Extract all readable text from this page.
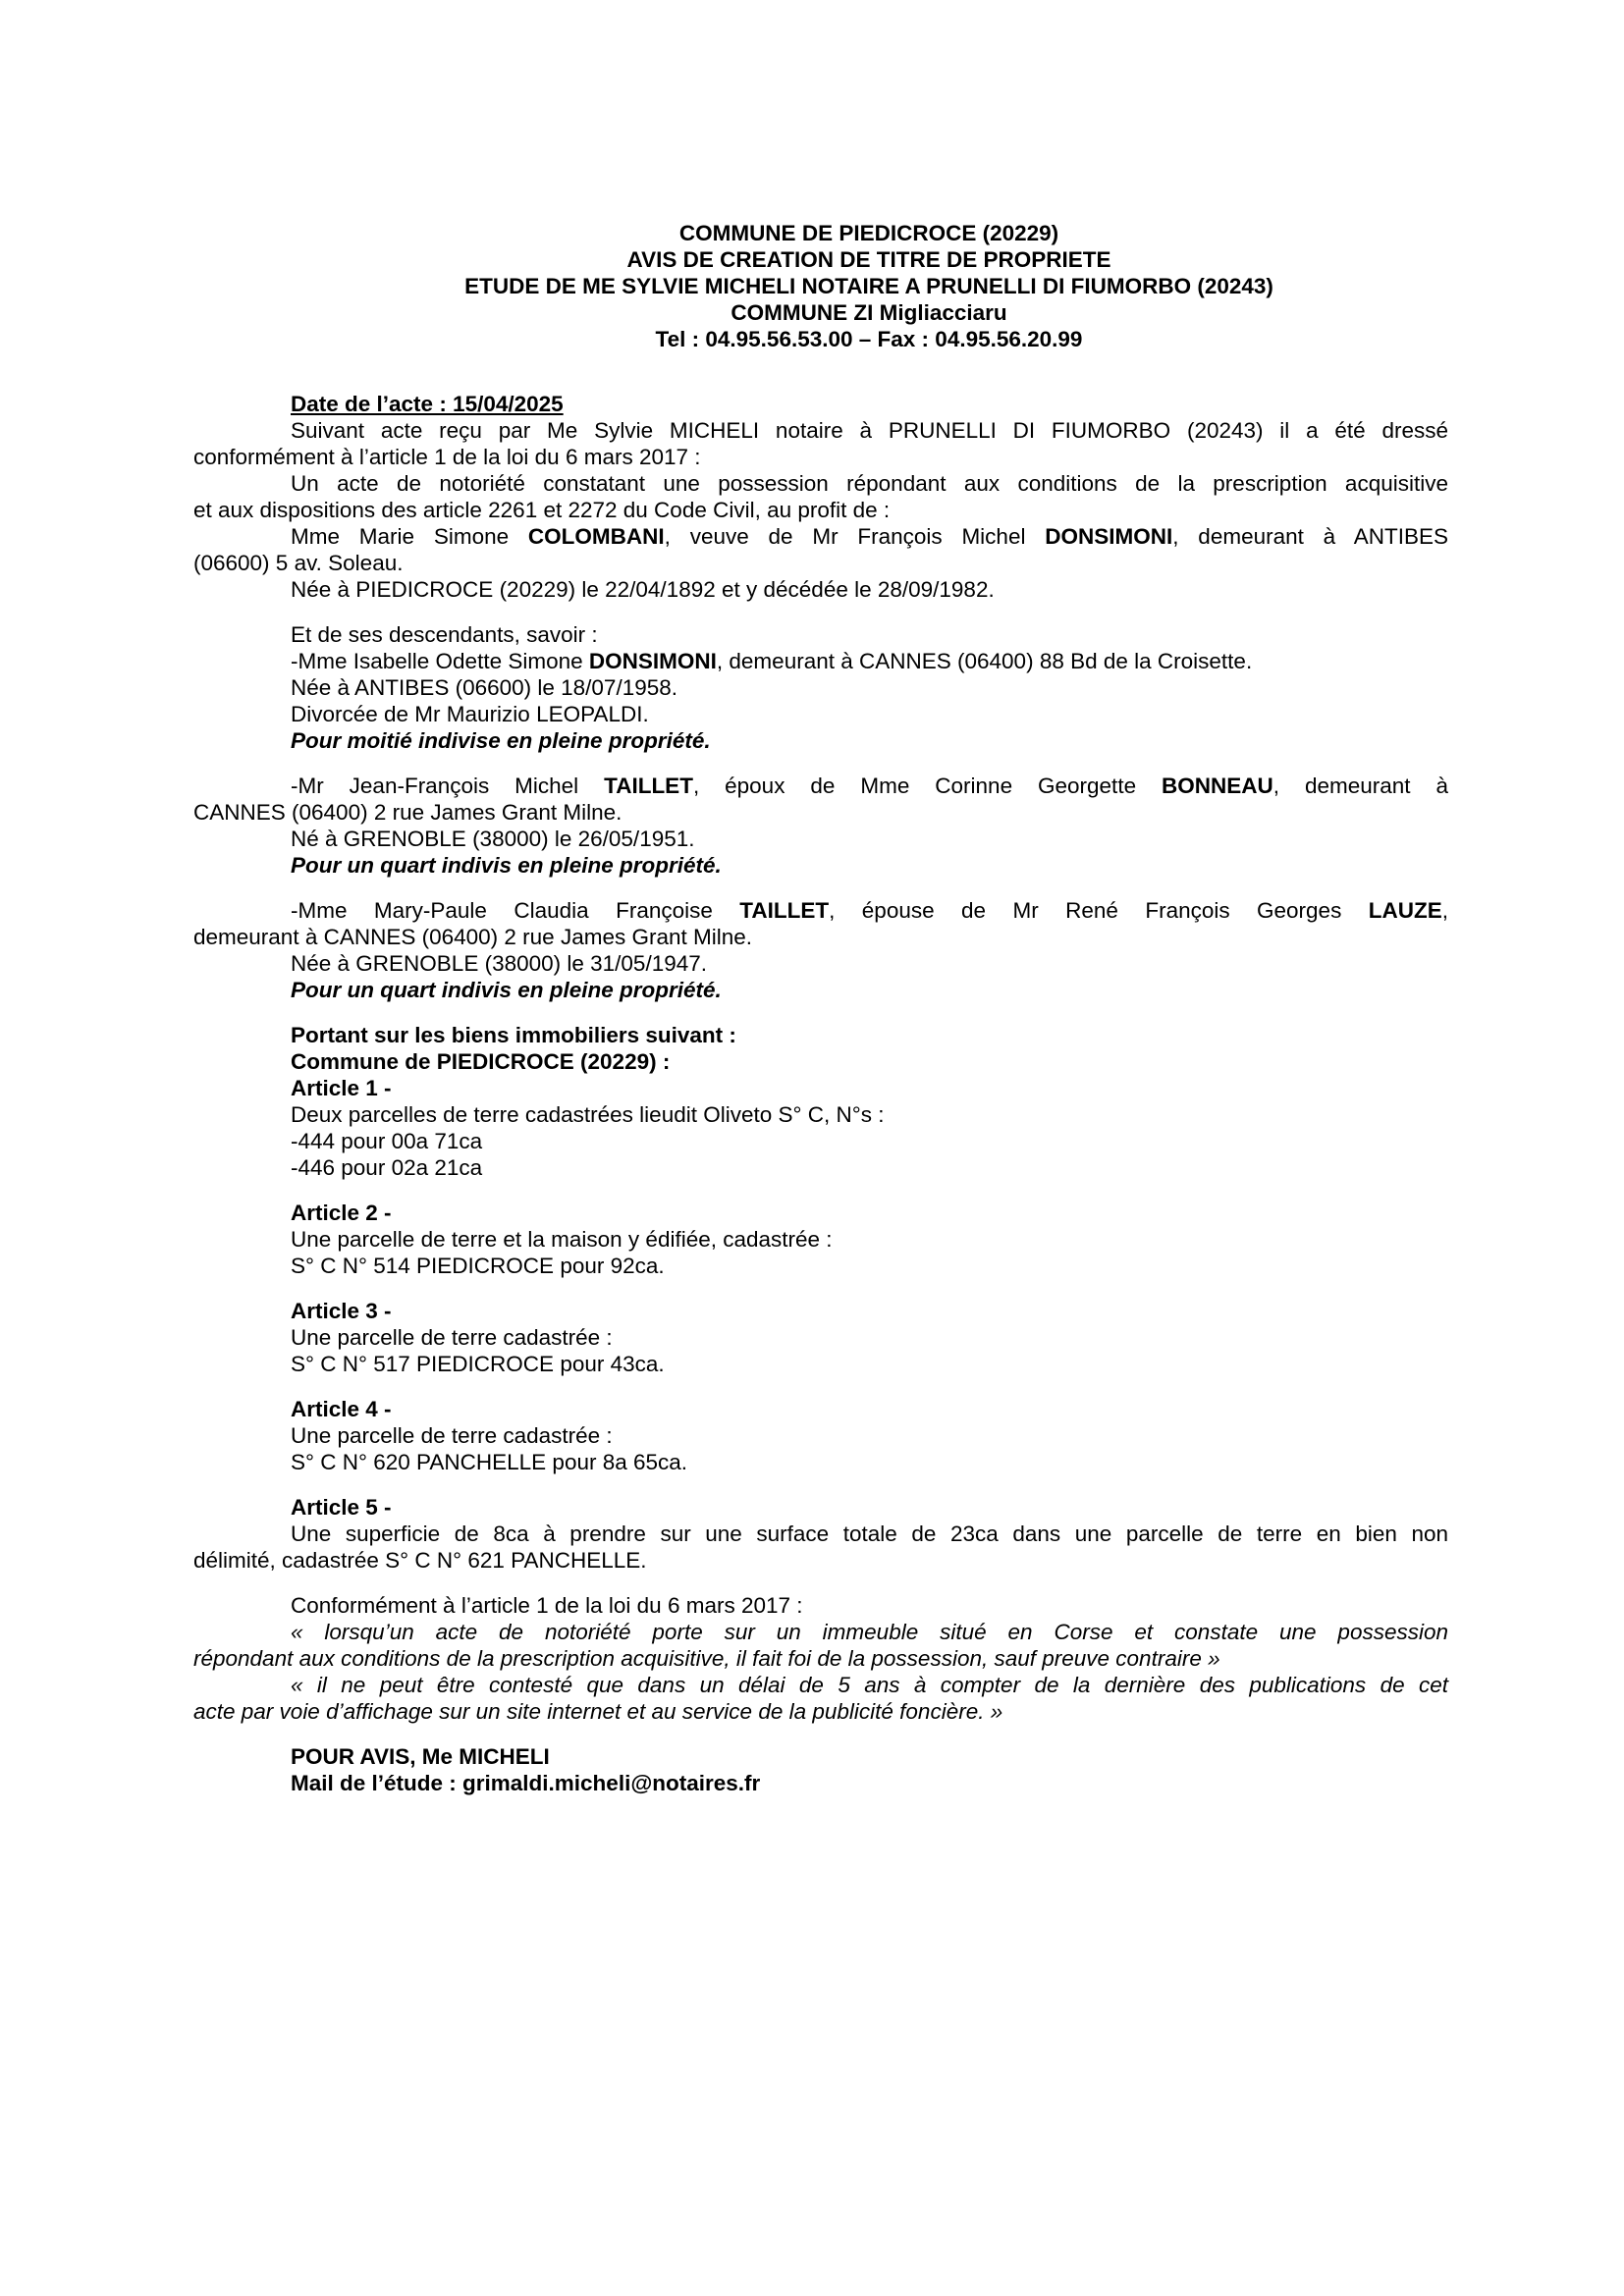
COMMUNE DE PIEDICROCE (20229)
AVIS DE CREATION DE TITRE DE PROPRIETE
ETUDE DE ME SYLVIE MICHELI NOTAIRE A PRUNELLI DI FIUMORBO (20243)
COMMUNE ZI Migliacciaru
Tel : 04.95.56.53.00 – Fax : 04.95.56.20.99
Date de l’acte : 15/04/2025
Suivant acte reçu par Me Sylvie MICHELI notaire à PRUNELLI DI FIUMORBO (20243) il a été dressé
conformément à l’article 1 de la loi du 6 mars 2017 :
Un acte de notoriété constatant une possession répondant aux conditions de la prescription acquisitive
et aux dispositions des article 2261 et 2272 du Code Civil, au profit de :
Mme Marie Simone COLOMBANI, veuve de Mr François Michel DONSIMONI, demeurant à ANTIBES
(06600) 5 av. Soleau.
Née à PIEDICROCE (20229) le 22/04/1892 et y décédée le 28/09/1982.
Et de ses descendants, savoir :
-Mme Isabelle Odette Simone DONSIMONI, demeurant à CANNES (06400) 88 Bd de la Croisette.
Née à ANTIBES (06600) le 18/07/1958.
Divorcée de Mr Maurizio LEOPALDI.
Pour moitié indivise en pleine propriété.
-Mr Jean-François Michel TAILLET, époux de Mme Corinne Georgette BONNEAU, demeurant à
CANNES (06400) 2 rue James Grant Milne.
Né à GRENOBLE (38000) le 26/05/1951.
Pour un quart indivis en pleine propriété.
-Mme Mary-Paule Claudia Françoise TAILLET, épouse de Mr René François Georges LAUZE,
demeurant à CANNES (06400) 2 rue James Grant Milne.
Née à GRENOBLE (38000) le 31/05/1947.
Pour un quart indivis en pleine propriété.
Portant sur les biens immobiliers suivant :
Commune de PIEDICROCE (20229) :
Article 1 -
Deux parcelles de terre cadastrées lieudit Oliveto S° C, N°s :
-444 pour 00a 71ca
-446 pour 02a 21ca
Article 2 -
Une parcelle de terre et la maison y édifiée, cadastrée :
S° C N° 514 PIEDICROCE pour 92ca.
Article 3 -
Une parcelle de terre cadastrée :
S° C N° 517 PIEDICROCE pour 43ca.
Article 4 -
Une parcelle de terre cadastrée :
S° C N° 620 PANCHELLE pour 8a 65ca.
Article 5 -
Une superficie de 8ca à prendre sur une surface totale de 23ca dans une parcelle de terre en bien non
délimité, cadastrée S° C N° 621 PANCHELLE.
Conformément à l’article 1 de la loi du 6 mars 2017 :
« lorsqu’un acte de notoriété porte sur un immeuble situé en Corse et constate une possession
répondant aux conditions de la prescription acquisitive, il fait foi de la possession, sauf preuve contraire »
« il ne peut être contesté que dans un délai de 5 ans à compter de la dernière des publications de cet
acte par voie d’affichage sur un site internet et au service de la publicité foncière. »
POUR AVIS, Me MICHELI
Mail de l’étude : grimaldi.micheli@notaires.fr
